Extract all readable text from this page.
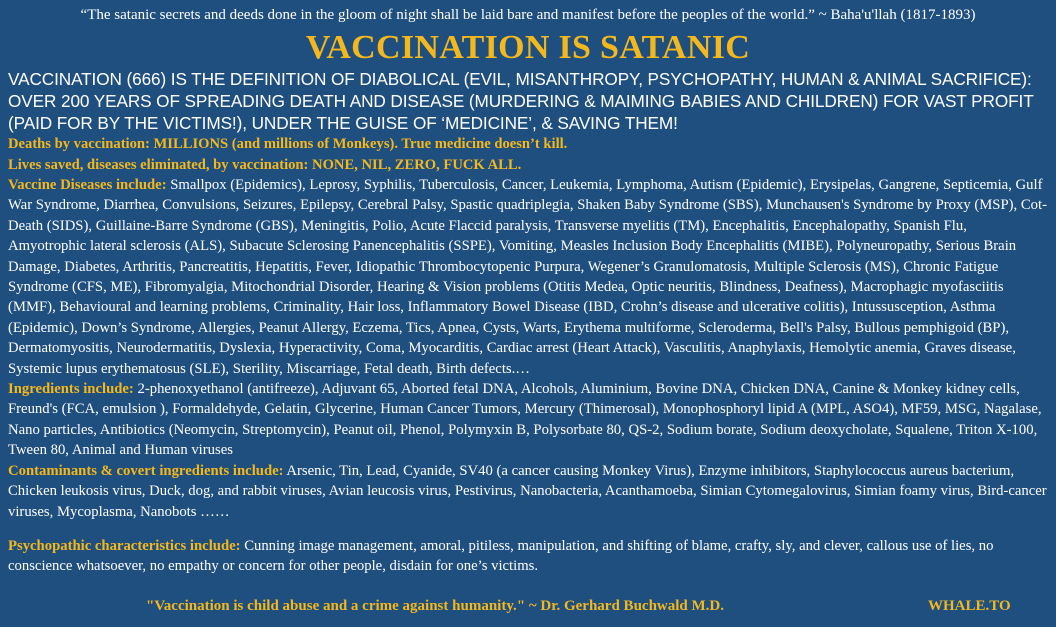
“The satanic secrets and deeds done in the gloom of night shall be laid bare and manifest before the peoples of the world.” ~ Baha'u'llah (1817-1893)
VACCINATION IS SATANIC

VACCINATION (666) IS THE DEFINITION OF DIABOLICAL (EVIL, MISANTHROPY, PSYCHOPATHY, HUMAN & ANIMAL SACRIFICE): OVER 200 YEARS OF SPREADING DEATH AND DISEASE (MURDERING & MAIMING BABIES AND CHILDREN) FOR VAST PROFIT (PAID FOR BY THE VICTIMS!), UNDER THE GUISE OF ‘MEDICINE’, & SAVING THEM!

Deaths by vaccination: MILLIONS (and millions of Monkeys). True medicine doesn’t kill.
Lives saved, diseases eliminated, by vaccination: NONE, NIL, ZERO, FUCK ALL.

Vaccine Diseases include: Smallpox (Epidemics), Leprosy, Syphilis, Tuberculosis, Cancer, Leukemia, Lymphoma, Autism (Epidemic), Erysipelas, Gangrene, Septicemia, Gulf War Syndrome, Diarrhea, Convulsions, Seizures, Epilepsy, Cerebral Palsy, Spastic quadriplegia, Shaken Baby Syndrome (SBS), Munchausen's Syndrome by Proxy (MSP), Cot-Death (SIDS), Guillaine-Barre Syndrome (GBS), Meningitis, Polio, Acute Flaccid paralysis, Transverse myelitis (TM), Encephalitis, Encephalopathy, Spanish Flu, Amyotrophic lateral sclerosis (ALS), Subacute Sclerosing Panencephalitis (SSPE), Vomiting, Measles Inclusion Body Encephalitis (MIBE), Polyneuropathy, Serious Brain Damage, Diabetes, Arthritis, Pancreatitis, Hepatitis, Fever, Idiopathic Thrombocytopenic Purpura, Wegener’s Granulomatosis, Multiple Sclerosis (MS), Chronic Fatigue Syndrome (CFS, ME), Fibromyalgia, Mitochondrial Disorder, Hearing & Vision problems (Otitis Medea, Optic neuritis, Blindness, Deafness), Macrophagic myofasciitis (MMF), Behavioural and learning problems, Criminality, Hair loss, Inflammatory Bowel Disease (IBD, Crohn’s disease and ulcerative colitis), Intussusception, Asthma (Epidemic), Down’s Syndrome, Allergies, Peanut Allergy, Eczema, Tics, Apnea, Cysts, Warts, Erythema multiforme, Scleroderma, Bell's Palsy, Bullous pemphigoid (BP), Dermatomyositis, Neurodermatitis, Dyslexia, Hyperactivity, Coma, Myocarditis, Cardiac arrest (Heart Attack), Vasculitis, Anaphylaxis, Hemolytic anemia, Graves disease, Systemic lupus erythematosus (SLE), Sterility, Miscarriage, Fetal death, Birth defects.…

Ingredients include: 2-phenoxyethanol (antifreeze), Adjuvant 65, Aborted fetal DNA, Alcohols, Aluminium, Bovine DNA, Chicken DNA, Canine & Monkey kidney cells, Freund's (FCA, emulsion ), Formaldehyde, Gelatin, Glycerine, Human Cancer Tumors, Mercury (Thimerosal), Monophosphoryl lipid A (MPL, ASO4), MF59, MSG, Nagalase, Nano particles, Antibiotics (Neomycin, Streptomycin), Peanut oil, Phenol, Polymyxin B, Polysorbate 80, QS-2, Sodium borate, Sodium deoxycholate, Squalene, Triton X-100, Tween 80, Animal and Human viruses

Contaminants & covert ingredients include: Arsenic, Tin, Lead, Cyanide, SV40 (a cancer causing Monkey Virus), Enzyme inhibitors, Staphylococcus aureus bacterium, Chicken leukosis virus, Duck, dog, and rabbit viruses, Avian leucosis virus, Pestivirus, Nanobacteria, Acanthamoeba, Simian Cytomegalovirus, Simian foamy virus, Bird-cancer viruses, Mycoplasma, Nanobots ……

Psychopathic characteristics include: Cunning image management, amoral, pitiless, manipulation, and shifting of blame, crafty, sly, and clever, callous use of lies, no conscience whatsoever, no empathy or concern for other people, disdain for one’s victims.

"Vaccination is child abuse and a crime against humanity." ~ Dr. Gerhard Buchwald M.D.	WHALE.TO
